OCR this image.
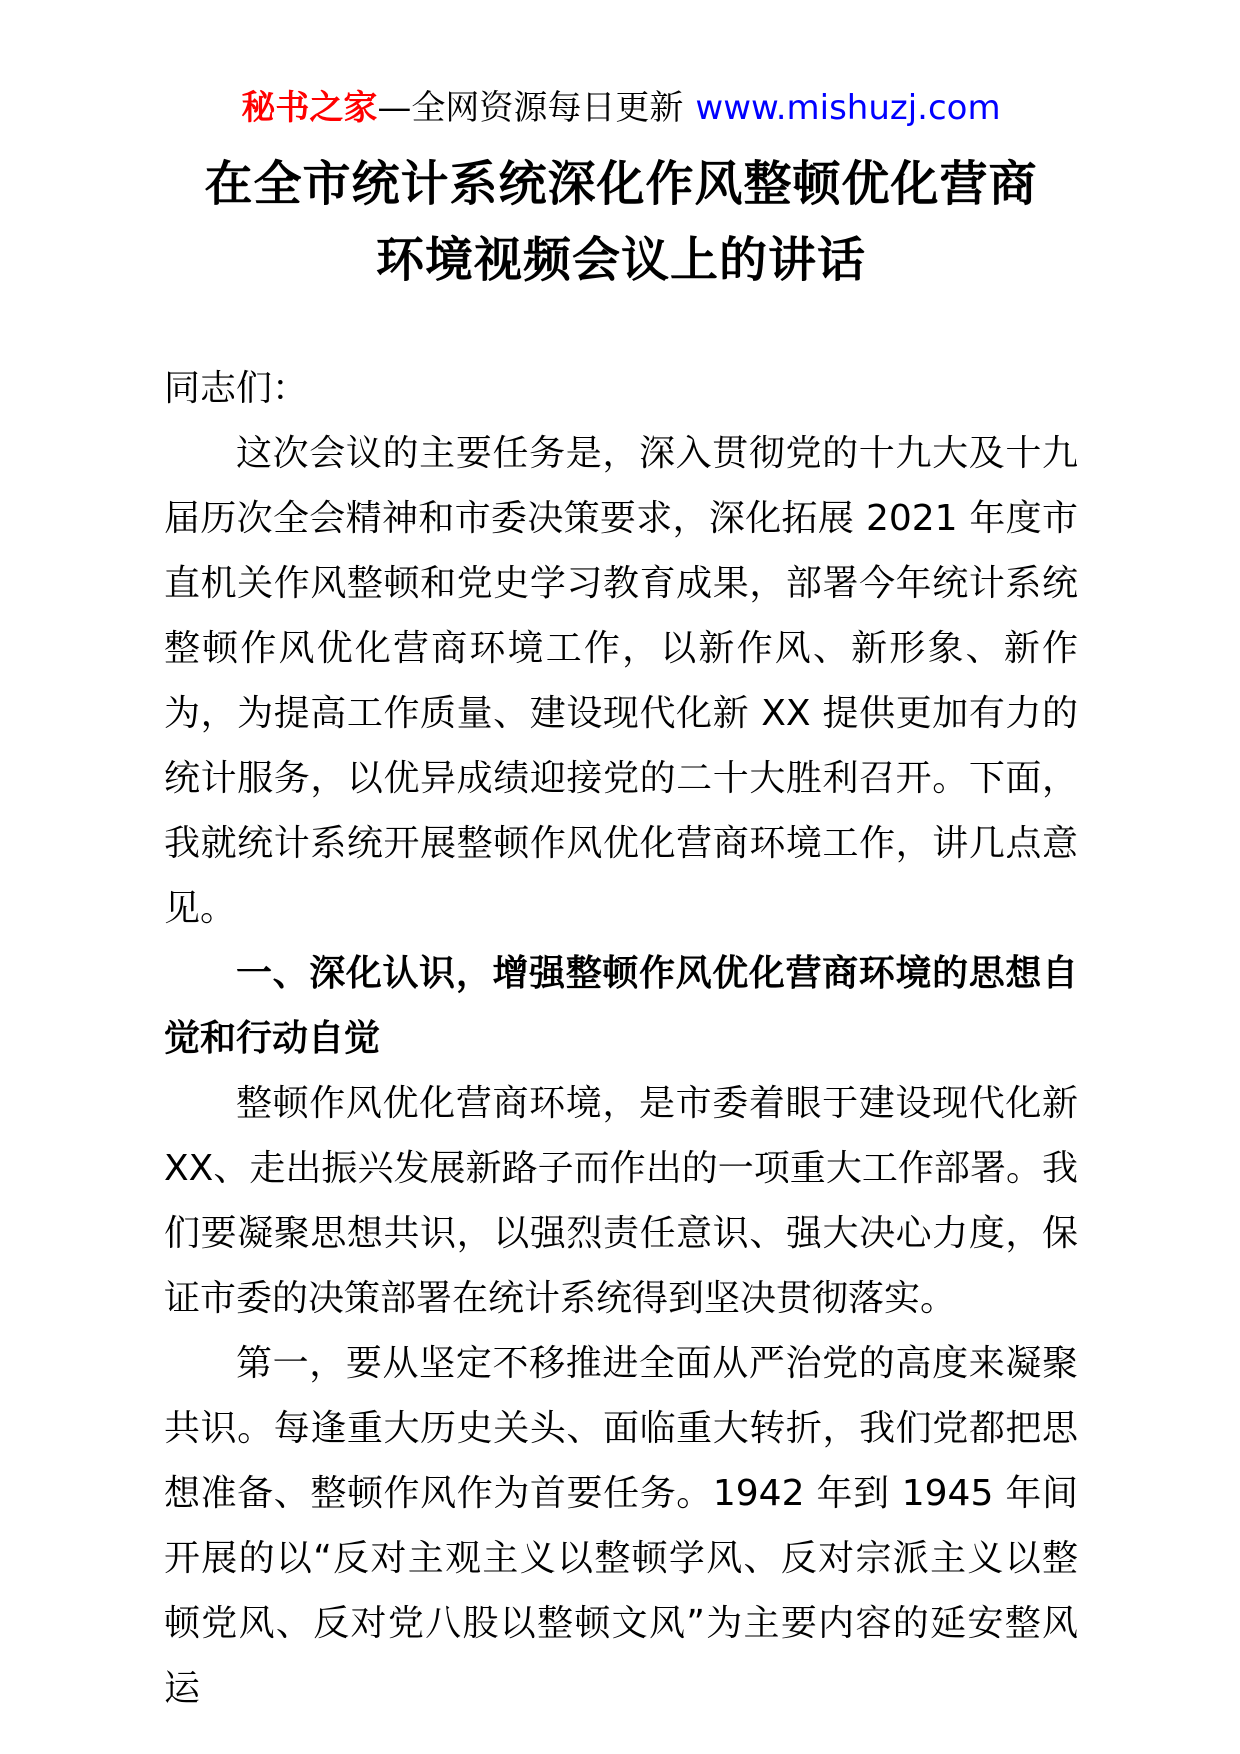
秘书之家—全网资源每日更新 www.mishuzj.com
在全市统计系统深化作风整顿优化营商
环境视频会议上的讲话

同志们：

这次会议的主要任务是，深入贯彻党的十九大及十九届历次全会精神和市委决策要求，深化拓展 2021 年度市直机关作风整顿和党史学习教育成果，部署今年统计系统整顿作风优化营商环境工作，以新作风、新形象、新作为，为提高工作质量、建设现代化新 XX 提供更加有力的统计服务，以优异成绩迎接党的二十大胜利召开。下面，我就统计系统开展整顿作风优化营商环境工作，讲几点意见。

一、深化认识，增强整顿作风优化营商环境的思想自觉和行动自觉

整顿作风优化营商环境，是市委着眼于建设现代化新XX、走出振兴发展新路子而作出的一项重大工作部署。我们要凝聚思想共识，以强烈责任意识、强大决心力度，保证市委的决策部署在统计系统得到坚决贯彻落实。

第一，要从坚定不移推进全面从严治党的高度来凝聚共识。每逢重大历史关头、面临重大转折，我们党都把思想准备、整顿作风作为首要任务。1942 年到 1945 年间开展的以“反对主观主义以整顿学风、反对宗派主义以整顿党风、反对党八股以整顿文风”为主要内容的延安整风运
